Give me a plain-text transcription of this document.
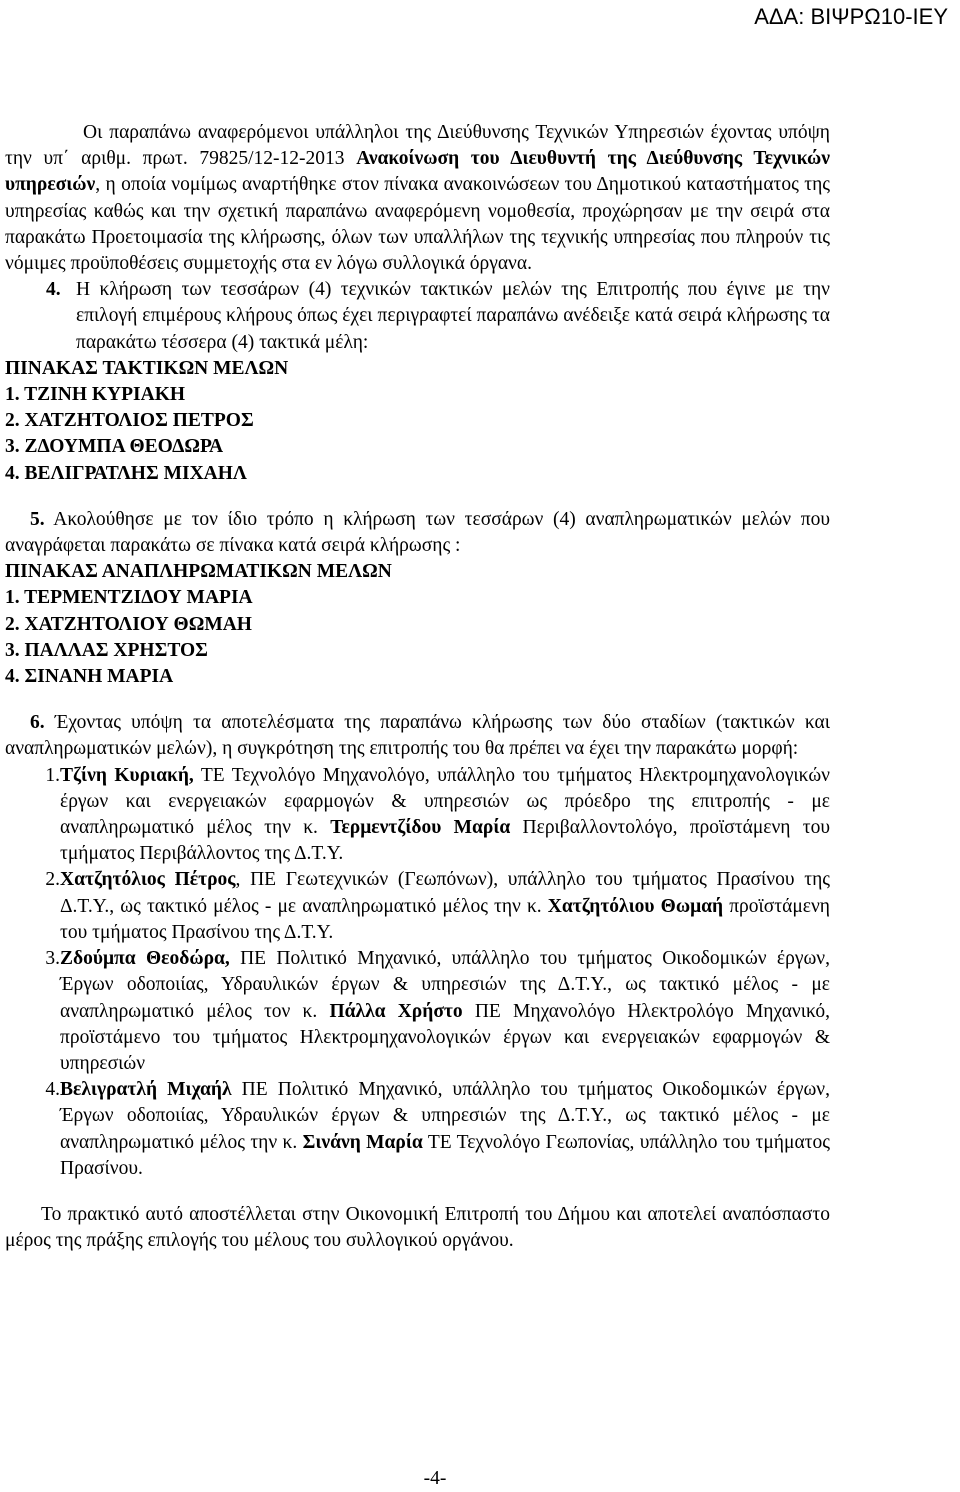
ΑΔΑ: ΒΙΨΡΩ10-ΙΕΥ

Οι παραπάνω αναφερόμενοι υπάλληλοι της Διεύθυνσης Τεχνικών Υπηρεσιών έχοντας υπόψη την υπ΄ αριθμ. πρωτ. 79825/12-12-2013 Ανακοίνωση του Διευθυντή της Διεύθυνσης Τεχνικών υπηρεσιών, η οποία νομίμως αναρτήθηκε στον πίνακα ανακοινώσεων του Δημοτικού καταστήματος της υπηρεσίας καθώς και την σχετική παραπάνω αναφερόμενη νομοθεσία, προχώρησαν με την σειρά στα παρακάτω Προετοιμασία της κλήρωσης, όλων των υπαλλήλων της τεχνικής υπηρεσίας που πληρούν τις νόμιμες προϋποθέσεις συμμετοχής στα εν λόγω συλλογικά όργανα.

4. Η κλήρωση των τεσσάρων (4) τεχνικών τακτικών μελών της Επιτροπής που έγινε με την επιλογή επιμέρους κλήρους όπως έχει περιγραφτεί παραπάνω ανέδειξε κατά σειρά κλήρωσης τα παρακάτω τέσσερα (4) τακτικά μέλη:

ΠΙΝΑΚΑΣ ΤΑΚΤΙΚΩΝ ΜΕΛΩΝ
1. ΤΖΙΝΗ ΚΥΡΙΑΚΗ
2. ΧΑΤΖΗΤΟΛΙΟΣ ΠΕΤΡΟΣ
3. ΖΔΟΥΜΠΑ ΘΕΟΔΩΡΑ
4. ΒΕΛΙΓΡΑΤΛΗΣ ΜΙΧΑΗΛ

5. Ακολούθησε με τον ίδιο τρόπο η κλήρωση των τεσσάρων (4) αναπληρωματικών μελών που αναγράφεται παρακάτω σε πίνακα κατά σειρά κλήρωσης :

ΠΙΝΑΚΑΣ ΑΝΑΠΛΗΡΩΜΑΤΙΚΩΝ ΜΕΛΩΝ
1. ΤΕΡΜΕΝΤΖΙΔΟΥ ΜΑΡΙΑ
2. ΧΑΤΖΗΤΟΛΙΟΥ ΘΩΜΑΗ
3. ΠΑΛΛΑΣ ΧΡΗΣΤΟΣ
4. ΣΙΝΑΝΗ ΜΑΡΙΑ

6. Έχοντας υπόψη τα αποτελέσματα της παραπάνω κλήρωσης των δύο σταδίων (τακτικών και αναπληρωματικών μελών), η συγκρότηση της επιτροπής του θα πρέπει να έχει την παρακάτω μορφή:

1. Τζίνη Κυριακή, ΤΕ Τεχνολόγο Μηχανολόγο, υπάλληλο του τμήματος Ηλεκτρομηχανολογικών έργων και ενεργειακών εφαρμογών & υπηρεσιών ως πρόεδρο της επιτροπής - με αναπληρωματικό μέλος την κ. Τερμεντζίδου Μαρία Περιβαλλοντολόγο, προϊστάμενη του τμήματος Περιβάλλοντος της Δ.Τ.Υ.
2. Χατζητόλιος Πέτρος, ΠΕ Γεωτεχνικών (Γεωπόνων), υπάλληλο του τμήματος Πρασίνου της Δ.Τ.Υ., ως τακτικό μέλος - με αναπληρωματικό μέλος την κ. Χατζητόλιου Θωμαή προϊστάμενη του τμήματος Πρασίνου της Δ.Τ.Υ.
3. Ζδούμπα Θεοδώρα, ΠΕ Πολιτικό Μηχανικό, υπάλληλο του τμήματος Οικοδομικών έργων, Έργων οδοποιίας, Υδραυλικών έργων & υπηρεσιών της Δ.Τ.Υ., ως τακτικό μέλος - με αναπληρωματικό μέλος τον κ. Πάλλα Χρήστο ΠΕ Μηχανολόγο Ηλεκτρολόγο Μηχανικό, προϊστάμενο του τμήματος Ηλεκτρομηχανολογικών έργων και ενεργειακών εφαρμογών & υπηρεσιών
4. Βελιγρατλή Μιχαήλ ΠΕ Πολιτικό Μηχανικό, υπάλληλο του τμήματος Οικοδομικών έργων, Έργων οδοποιίας, Υδραυλικών έργων & υπηρεσιών της Δ.Τ.Υ., ως τακτικό μέλος - με αναπληρωματικό μέλος την κ. Σινάνη Μαρία ΤΕ Τεχνολόγο Γεωπονίας, υπάλληλο του τμήματος Πρασίνου.

Το πρακτικό αυτό αποστέλλεται στην Οικονομική Επιτροπή του Δήμου και αποτελεί αναπόσπαστο μέρος της πράξης επιλογής του μέλους του συλλογικού οργάνου.

-4-
